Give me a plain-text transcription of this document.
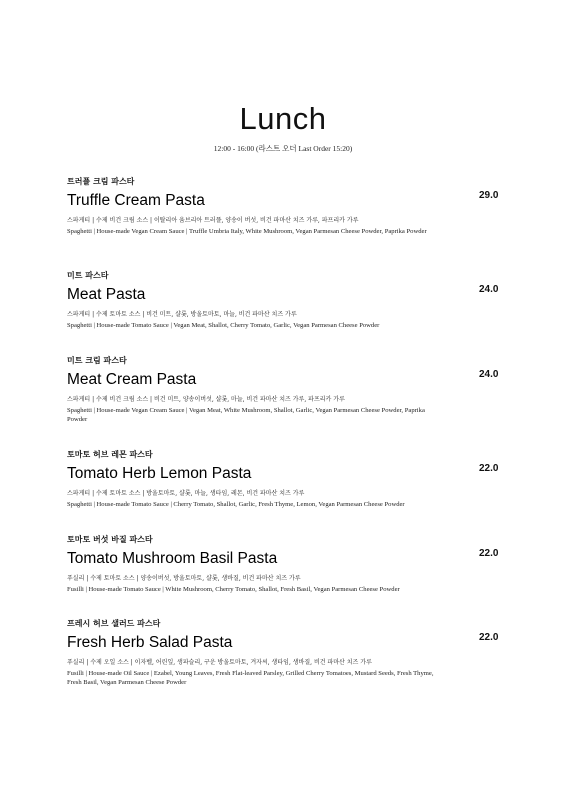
Lunch
12:00 - 16:00 (라스트 오더 Last Order 15:20)
트러플 크림 파스타
Truffle Cream Pasta	29.0
스파게티 | 수제 비건 크림 소스 | 이탈리아 움브리아 트러플, 양송이 버섯, 비건 파마산 치즈 가루, 파프리카 가루
Spaghetti | House-made Vegan Cream Sauce | Truffle Umbria Italy, White Mushroom, Vegan Parmesan Cheese Powder, Paprika Powder
미트 파스타
Meat Pasta	24.0
스파게티 | 수제 토마토 소스 | 비건 미트, 샬롯, 방울토마토, 마늘, 비건 파마산 치즈 가루
Spaghetti | House-made Tomato Sauce | Vegan Meat, Shallot, Cherry Tomato, Garlic, Vegan Parmesan Cheese Powder
미트 크림 파스타
Meat Cream Pasta	24.0
스파게티 | 수제 비건 크림 소스 | 비건 미트, 양송이버섯, 샬롯, 마늘, 비건 파마산 치즈 가루, 파프리카 가루
Spaghetti | House-made Vegan Cream Sauce | Vegan Meat, White Mushroom, Shallot, Garlic, Vegan Parmesan Cheese Powder, Paprika Powder
토마토 허브 레몬 파스타
Tomato Herb Lemon Pasta	22.0
스파게티 | 수제 토마토 소스 | 방울토마토, 샬롯, 마늘, 생타임, 레몬, 비건 파마산 치즈 가루
Spaghetti | House-made Tomato Sauce | Cherry Tomato, Shallot, Garlic, Fresh Thyme, Lemon, Vegan Parmesan Cheese Powder
토마토 버섯 바질 파스타
Tomato Mushroom Basil Pasta	22.0
푸실리 | 수제 토마토 소스 | 양송이버섯, 방울토마토, 샬롯, 생바질, 비건 파마산 치즈 가루
Fusilli | House-made Tomato Sauce | White Mushroom, Cherry Tomato, Shallot, Fresh Basil, Vegan Parmesan Cheese Powder
프레시 허브 샐러드 파스타
Fresh Herb Salad Pasta	22.0
푸실리 | 수제 오일 소스 | 이자벨, 어린잎, 생파슬리, 구운 방울토마토, 겨자씨, 생타임, 생바질, 비건 파마산 치즈 가루
Fusilli | House-made Oil Sauce | Ezabel, Young Leaves, Fresh Flat-leaved Parsley, Grilled Cherry Tomatoes, Mustard Seeds, Fresh Thyme, Fresh Basil, Vegan Parmesan Cheese Powder
